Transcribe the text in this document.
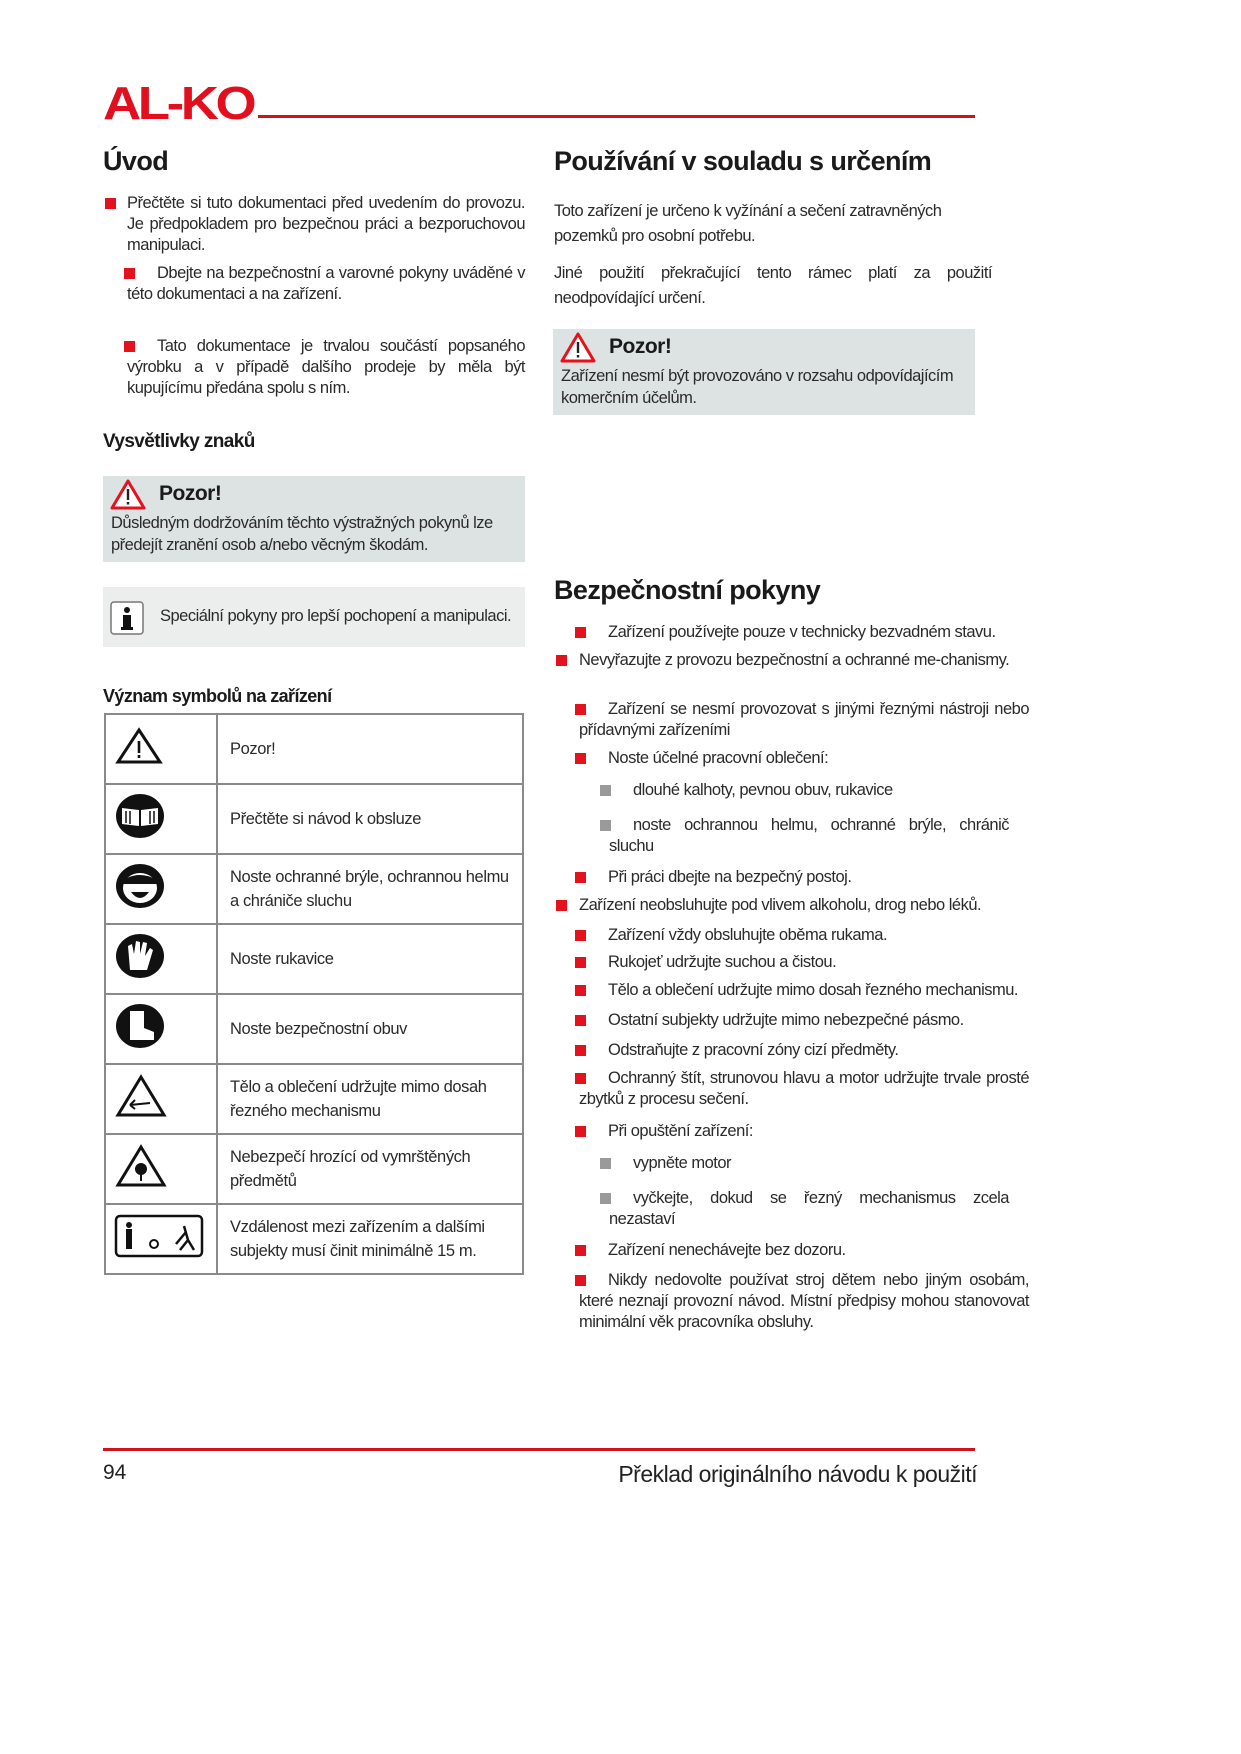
AL-KO
Úvod
Přečtěte si tuto dokumentaci před uvedením do provozu. Je předpokladem pro bezpečnou práci a bezporuchovou manipulaci.
Dbejte na bezpečnostní a varovné pokyny uváděné v této dokumentaci a na zařízení.
Tato dokumentace je trvalou součástí popsaného výrobku a v případě dalšího prodeje by měla být kupujícímu předána spolu s ním.
Vysvětlivky znaků
Pozor!
Důsledným dodržováním těchto výstražných pokynů lze předejít zranění osob a/nebo věcným škodám.
Speciální pokyny pro lepší pochopení a manipulaci.
Význam symbolů na zařízení
	Pozor!
	Přečtěte si návod k obsluze
	Noste ochranné brýle, ochrannou helmu a chrániče sluchu
	Noste rukavice
	Noste bezpečnostní obuv
	Tělo a oblečení udržujte mimo dosah řezného mechanismu
	Nebezpečí hrozící od vymrštěných předmětů
	Vzdálenost mezi zařízením a dalšími subjekty musí činit minimálně 15 m.
Používání v souladu s určením
Toto zařízení je určeno k vyžínání a sečení zatravněných pozemků pro osobní potřebu.
Jiné použití překračující tento rámec platí za použití neodpovídající určení.
Pozor!
Zařízení nesmí být provozováno v rozsahu odpovídajícím komerčním účelům.
Bezpečnostní pokyny
Zařízení používejte pouze v technicky bezvadném stavu.
Nevyřazujte z provozu bezpečnostní a ochranné me-chanismy.
Zařízení se nesmí provozovat s jinými řeznými nástroji nebo přídavnými zařízeními
Noste účelné pracovní oblečení:
dlouhé kalhoty, pevnou obuv, rukavice
noste ochrannou helmu, ochranné brýle, chránič sluchu
Při práci dbejte na bezpečný postoj.
Zařízení neobsluhujte pod vlivem alkoholu, drog nebo léků.
Zařízení vždy obsluhujte oběma rukama.
Rukojeť udržujte suchou a čistou.
Tělo a oblečení udržujte mimo dosah řezného mechanismu.
Ostatní subjekty udržujte mimo nebezpečné pásmo.
Odstraňujte z pracovní zóny cizí předměty.
Ochranný štít, strunovou hlavu a motor udržujte trvale prosté zbytků z procesu sečení.
Při opuštění zařízení:
vypněte motor
vyčkejte, dokud se řezný mechanismus zcela nezastaví
Zařízení nenechávejte bez dozoru.
Nikdy nedovolte používat stroj dětem nebo jiným osobám, které neznají provozní návod. Místní předpisy mohou stanovovat minimální věk pracovníka obsluhy.
94	Překlad originálního návodu k použití
